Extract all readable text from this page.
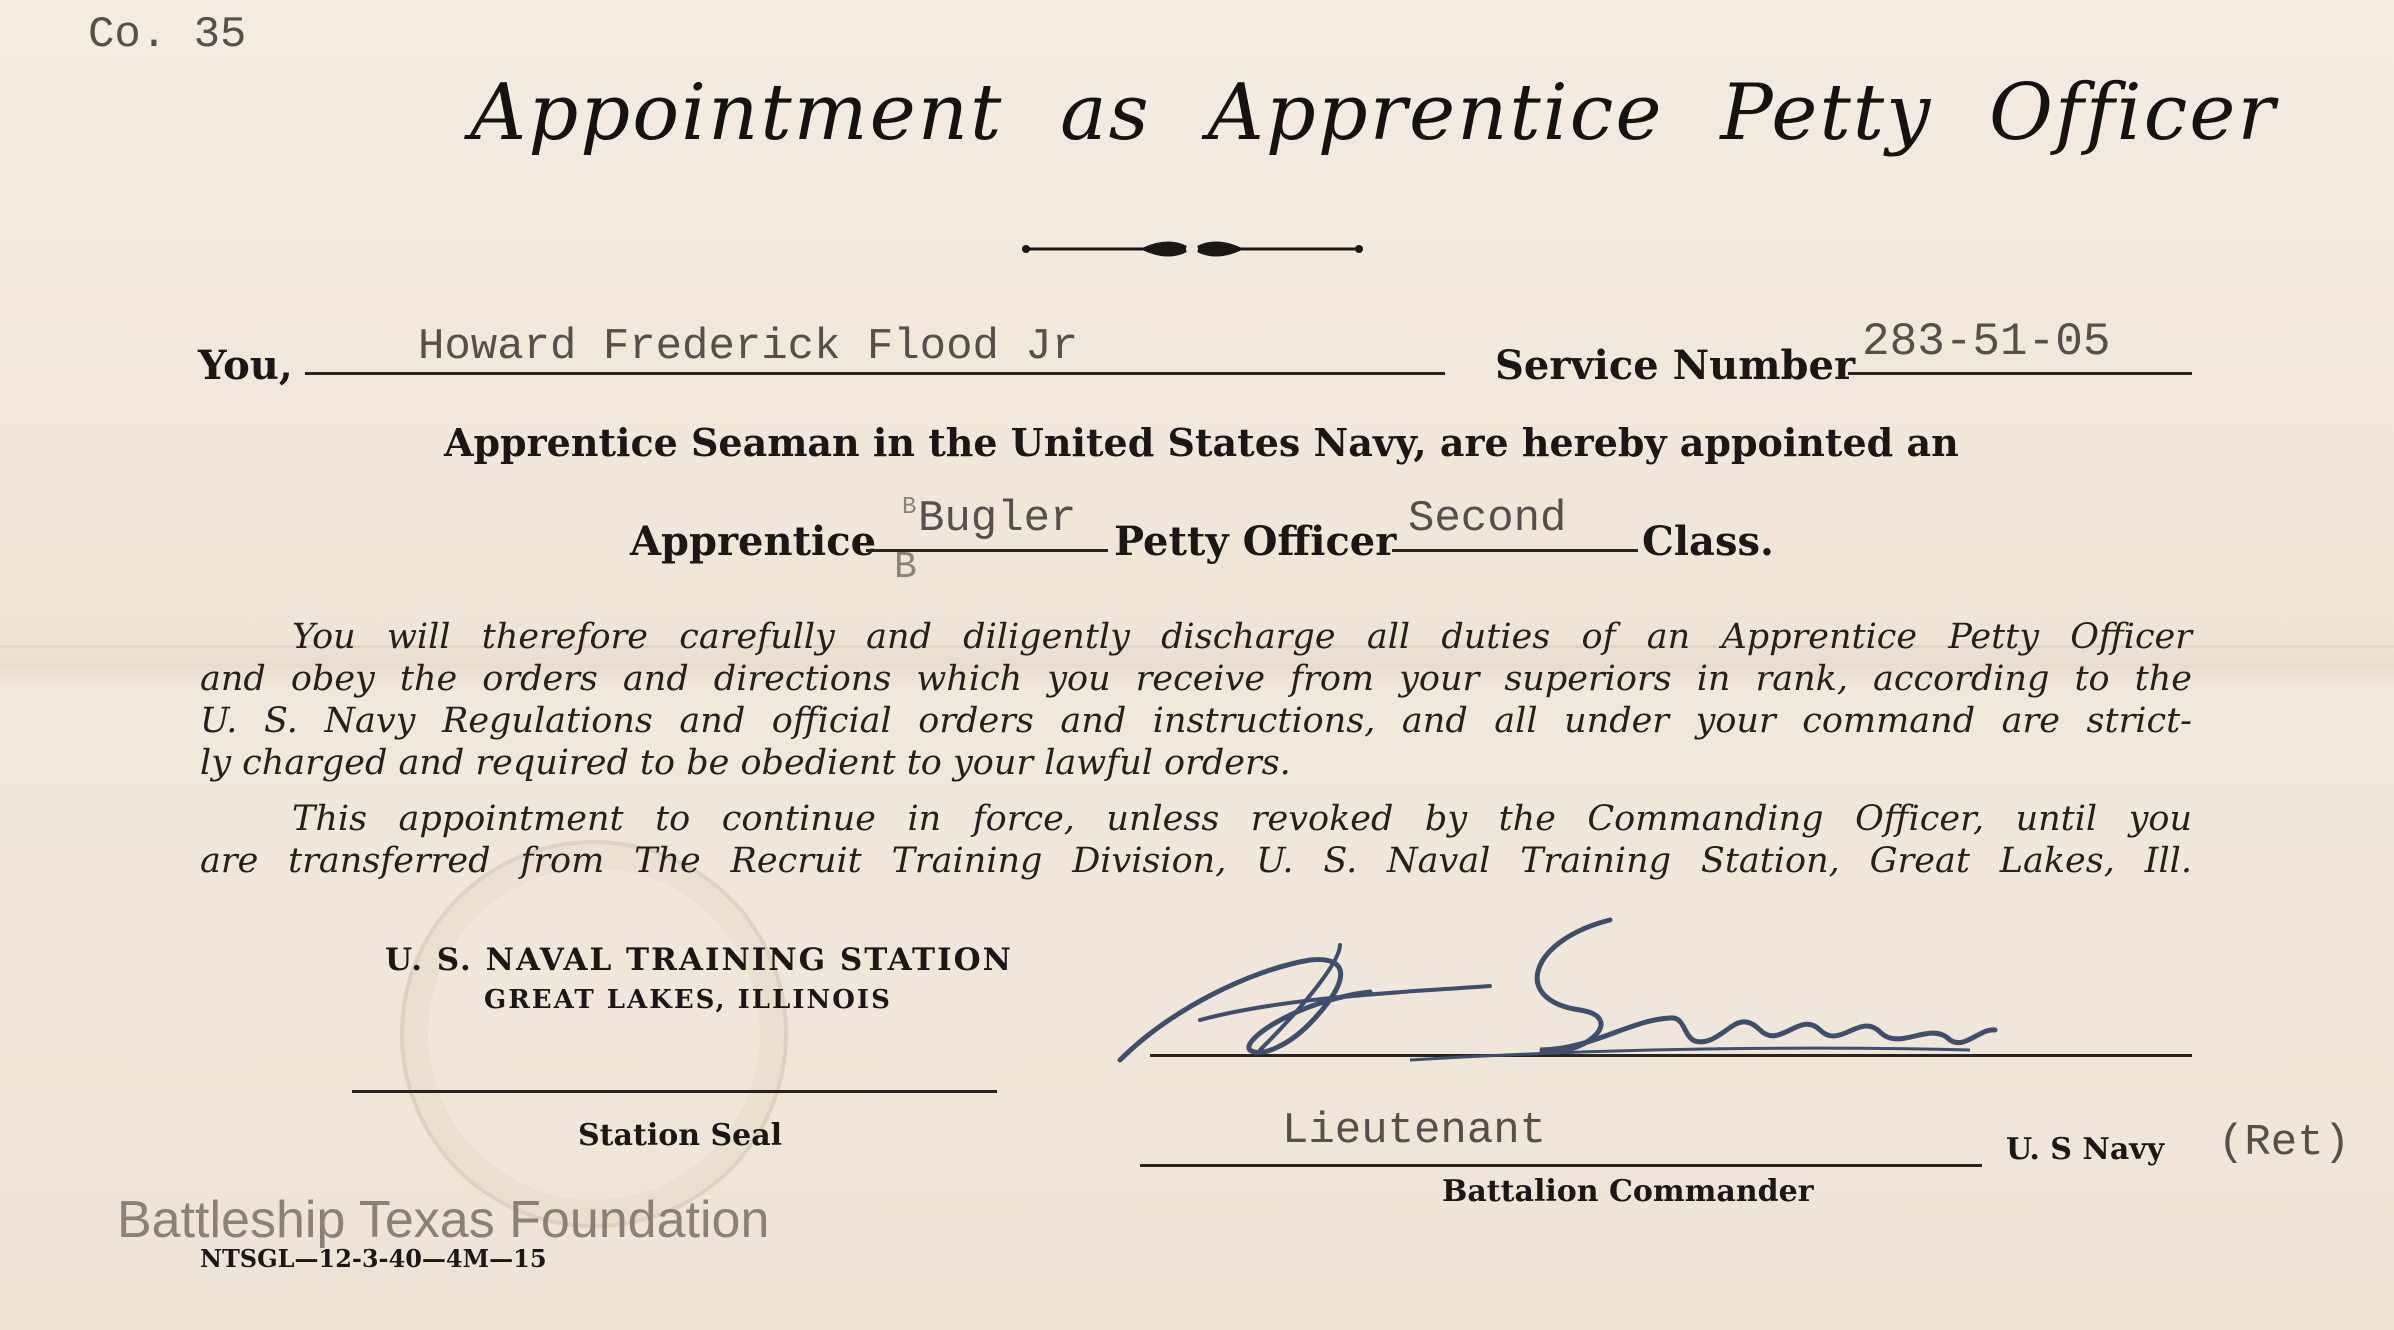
Co. 35
Appointment as Apprentice Petty Officer
You,	Howard Frederick Flood Jr	Service Number 283-51-05
Apprentice Seaman in the United States Navy, are hereby appointed an
Apprentice
B Bugler
B
Petty Officer Second Class.
You will therefore carefully and diligently discharge all duties of an Apprentice Petty Officer
and obey the orders and directions which you receive from your superiors in rank, according to the
U. S. Navy Regulations and official orders and instructions, and all under your command are strict-
ly charged and required to be obedient to your lawful orders.
This appointment to continue in force, unless revoked by the Commanding Officer, until you
are transferred from The Recruit Training Division, U. S. Naval Training Station, Great Lakes, Ill.
U. S. NAVAL TRAINING STATION
GREAT LAKES, ILLINOIS
Station Seal	Lieutenant
Battalion Commander
U. S Navy (Ret)
Battleship Texas Foundation
NTSGL—12-3-40—4M—15
